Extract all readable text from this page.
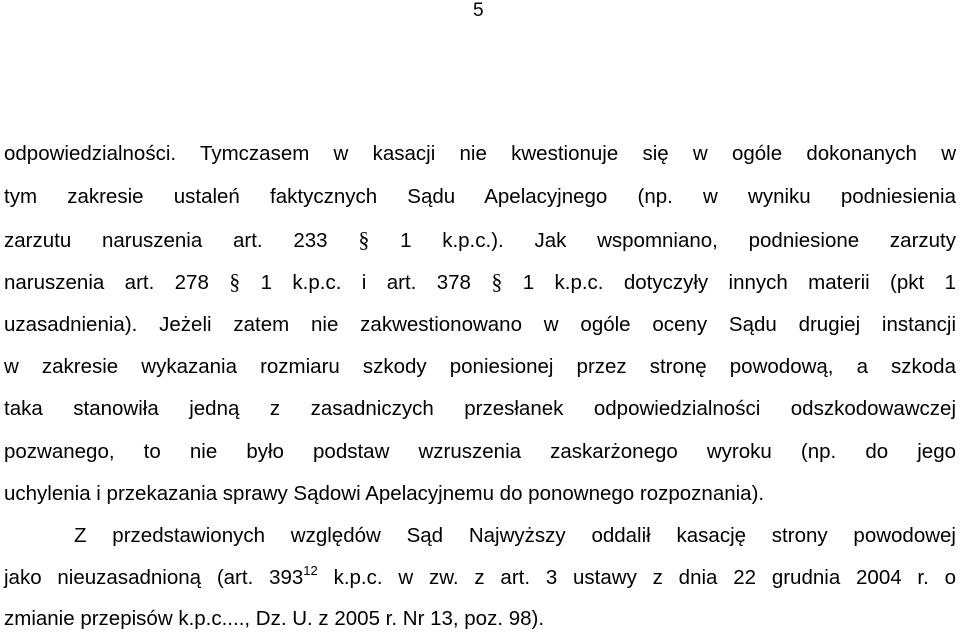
5
odpowiedzialności. Tymczasem w kasacji nie kwestionuje się w ogóle dokonanych w
tym zakresie ustaleń faktycznych Sądu Apelacyjnego (np. w wyniku podniesienia
zarzutu naruszenia art. 233 § 1 k.p.c.). Jak wspomniano, podniesione zarzuty
naruszenia art. 278 § 1 k.p.c. i art. 378 § 1 k.p.c. dotyczyły innych materii (pkt 1
uzasadnienia). Jeżeli zatem nie zakwestionowano w ogóle oceny Sądu drugiej instancji
w zakresie wykazania rozmiaru szkody poniesionej przez stronę powodową, a szkoda
taka stanowiła jedną z zasadniczych przesłanek odpowiedzialności odszkodowawczej
pozwanego, to nie było podstaw wzruszenia zaskarżonego wyroku (np. do jego
uchylenia i przekazania sprawy Sądowi Apelacyjnemu do ponownego rozpoznania).
Z przedstawionych względów Sąd Najwyższy oddalił kasację strony powodowej
jako nieuzasadnioną (art. $393^{12}$ k.p.c. w zw. z art. 3 ustawy z dnia 22 grudnia 2004 r. o
zmianie przepisów k.p.c...., Dz. U. z 2005 r. Nr 13, poz. 98).
